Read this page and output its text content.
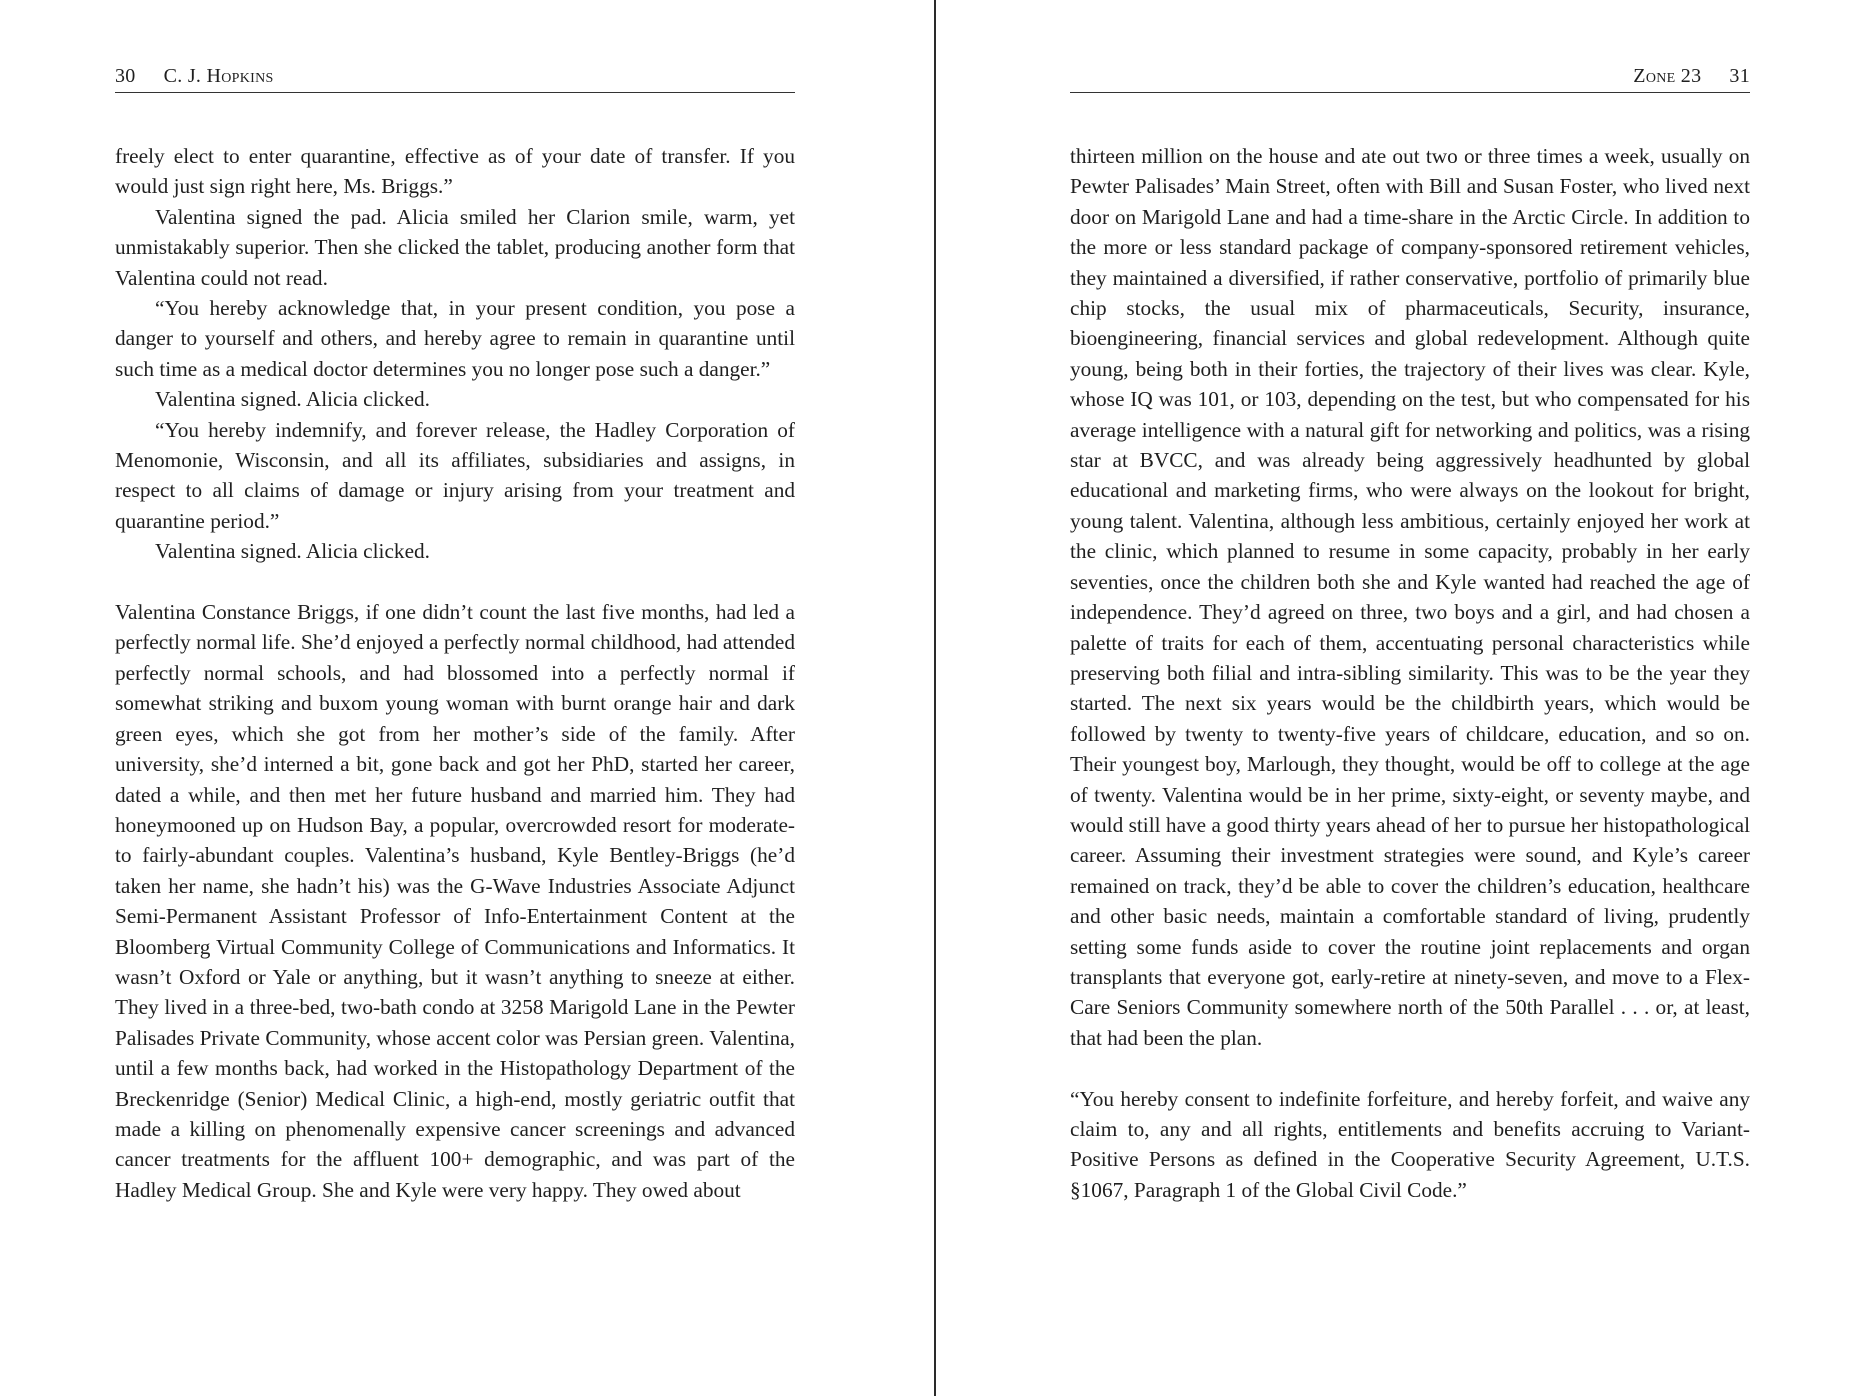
30 C. J. Hopkins

freely elect to enter quarantine, effective as of your date of transfer. If you would just sign right here, Ms. Briggs.”

Valentina signed the pad. Alicia smiled her Clarion smile, warm, yet unmistakably superior. Then she clicked the tablet, producing another form that Valentina could not read.

“You hereby acknowledge that, in your present condition, you pose a danger to yourself and others, and hereby agree to remain in quarantine until such time as a medical doctor determines you no longer pose such a danger.”

Valentina signed. Alicia clicked.

“You hereby indemnify, and forever release, the Hadley Corporation of Menomonie, Wisconsin, and all its affiliates, subsidiaries and assigns, in respect to all claims of damage or injury arising from your treatment and quarantine period.”

Valentina signed. Alicia clicked.

Valentina Constance Briggs, if one didn’t count the last five months, had led a perfectly normal life. She’d enjoyed a perfectly normal childhood, had attended perfectly normal schools, and had blossomed into a perfectly normal if somewhat striking and buxom young woman with burnt orange hair and dark green eyes, which she got from her mother’s side of the family. After university, she’d interned a bit, gone back and got her PhD, started her career, dated a while, and then met her future husband and married him. They had honeymooned up on Hudson Bay, a popular, overcrowded resort for moderate- to fairly-abundant couples. Valentina’s husband, Kyle Bentley-Briggs (he’d taken her name, she hadn’t his) was the G-Wave Industries Associate Adjunct Semi-Permanent Assistant Professor of Info-Entertainment Content at the Bloomberg Virtual Community College of Communications and Informatics. It wasn’t Oxford or Yale or anything, but it wasn’t anything to sneeze at either. They lived in a three-bed, two-bath condo at 3258 Marigold Lane in the Pewter Palisades Private Community, whose accent color was Persian green. Valentina, until a few months back, had worked in the Histopathology Department of the Breckenridge (Senior) Medical Clinic, a high-end, mostly geriatric outfit that made a killing on phenomenally expensive cancer screenings and advanced cancer treatments for the affluent 100+ demographic, and was part of the Hadley Medical Group. She and Kyle were very happy. They owed about

Zone 23 31

thirteen million on the house and ate out two or three times a week, usually on Pewter Palisades’ Main Street, often with Bill and Susan Foster, who lived next door on Marigold Lane and had a time-share in the Arctic Circle. In addition to the more or less standard package of company-sponsored retirement vehicles, they maintained a diversified, if rather conservative, portfolio of primarily blue chip stocks, the usual mix of pharmaceuticals, Security, insurance, bioengineering, financial services and global redevelopment. Although quite young, being both in their forties, the trajectory of their lives was clear. Kyle, whose IQ was 101, or 103, depending on the test, but who compensated for his average intelligence with a natural gift for networking and politics, was a rising star at BVCC, and was already being aggressively headhunted by global educational and marketing firms, who were always on the lookout for bright, young talent. Valentina, although less ambitious, certainly enjoyed her work at the clinic, which planned to resume in some capacity, probably in her early seventies, once the children both she and Kyle wanted had reached the age of independence. They’d agreed on three, two boys and a girl, and had chosen a palette of traits for each of them, accentuating personal characteristics while preserving both filial and intra-sibling similarity. This was to be the year they started. The next six years would be the childbirth years, which would be followed by twenty to twenty-five years of childcare, education, and so on. Their youngest boy, Marlough, they thought, would be off to college at the age of twenty. Valentina would be in her prime, sixty-eight, or seventy maybe, and would still have a good thirty years ahead of her to pursue her histopathological career. Assuming their investment strategies were sound, and Kyle’s career remained on track, they’d be able to cover the children’s education, healthcare and other basic needs, maintain a comfortable standard of living, prudently setting some funds aside to cover the routine joint replacements and organ transplants that everyone got, early-retire at ninety-seven, and move to a Flex-Care Seniors Community somewhere north of the 50th Parallel . . . or, at least, that had been the plan.

“You hereby consent to indefinite forfeiture, and hereby forfeit, and waive any claim to, any and all rights, entitlements and benefits accruing to Variant-Positive Persons as defined in the Cooperative Security Agreement, U.T.S. §1067, Paragraph 1 of the Global Civil Code.”
